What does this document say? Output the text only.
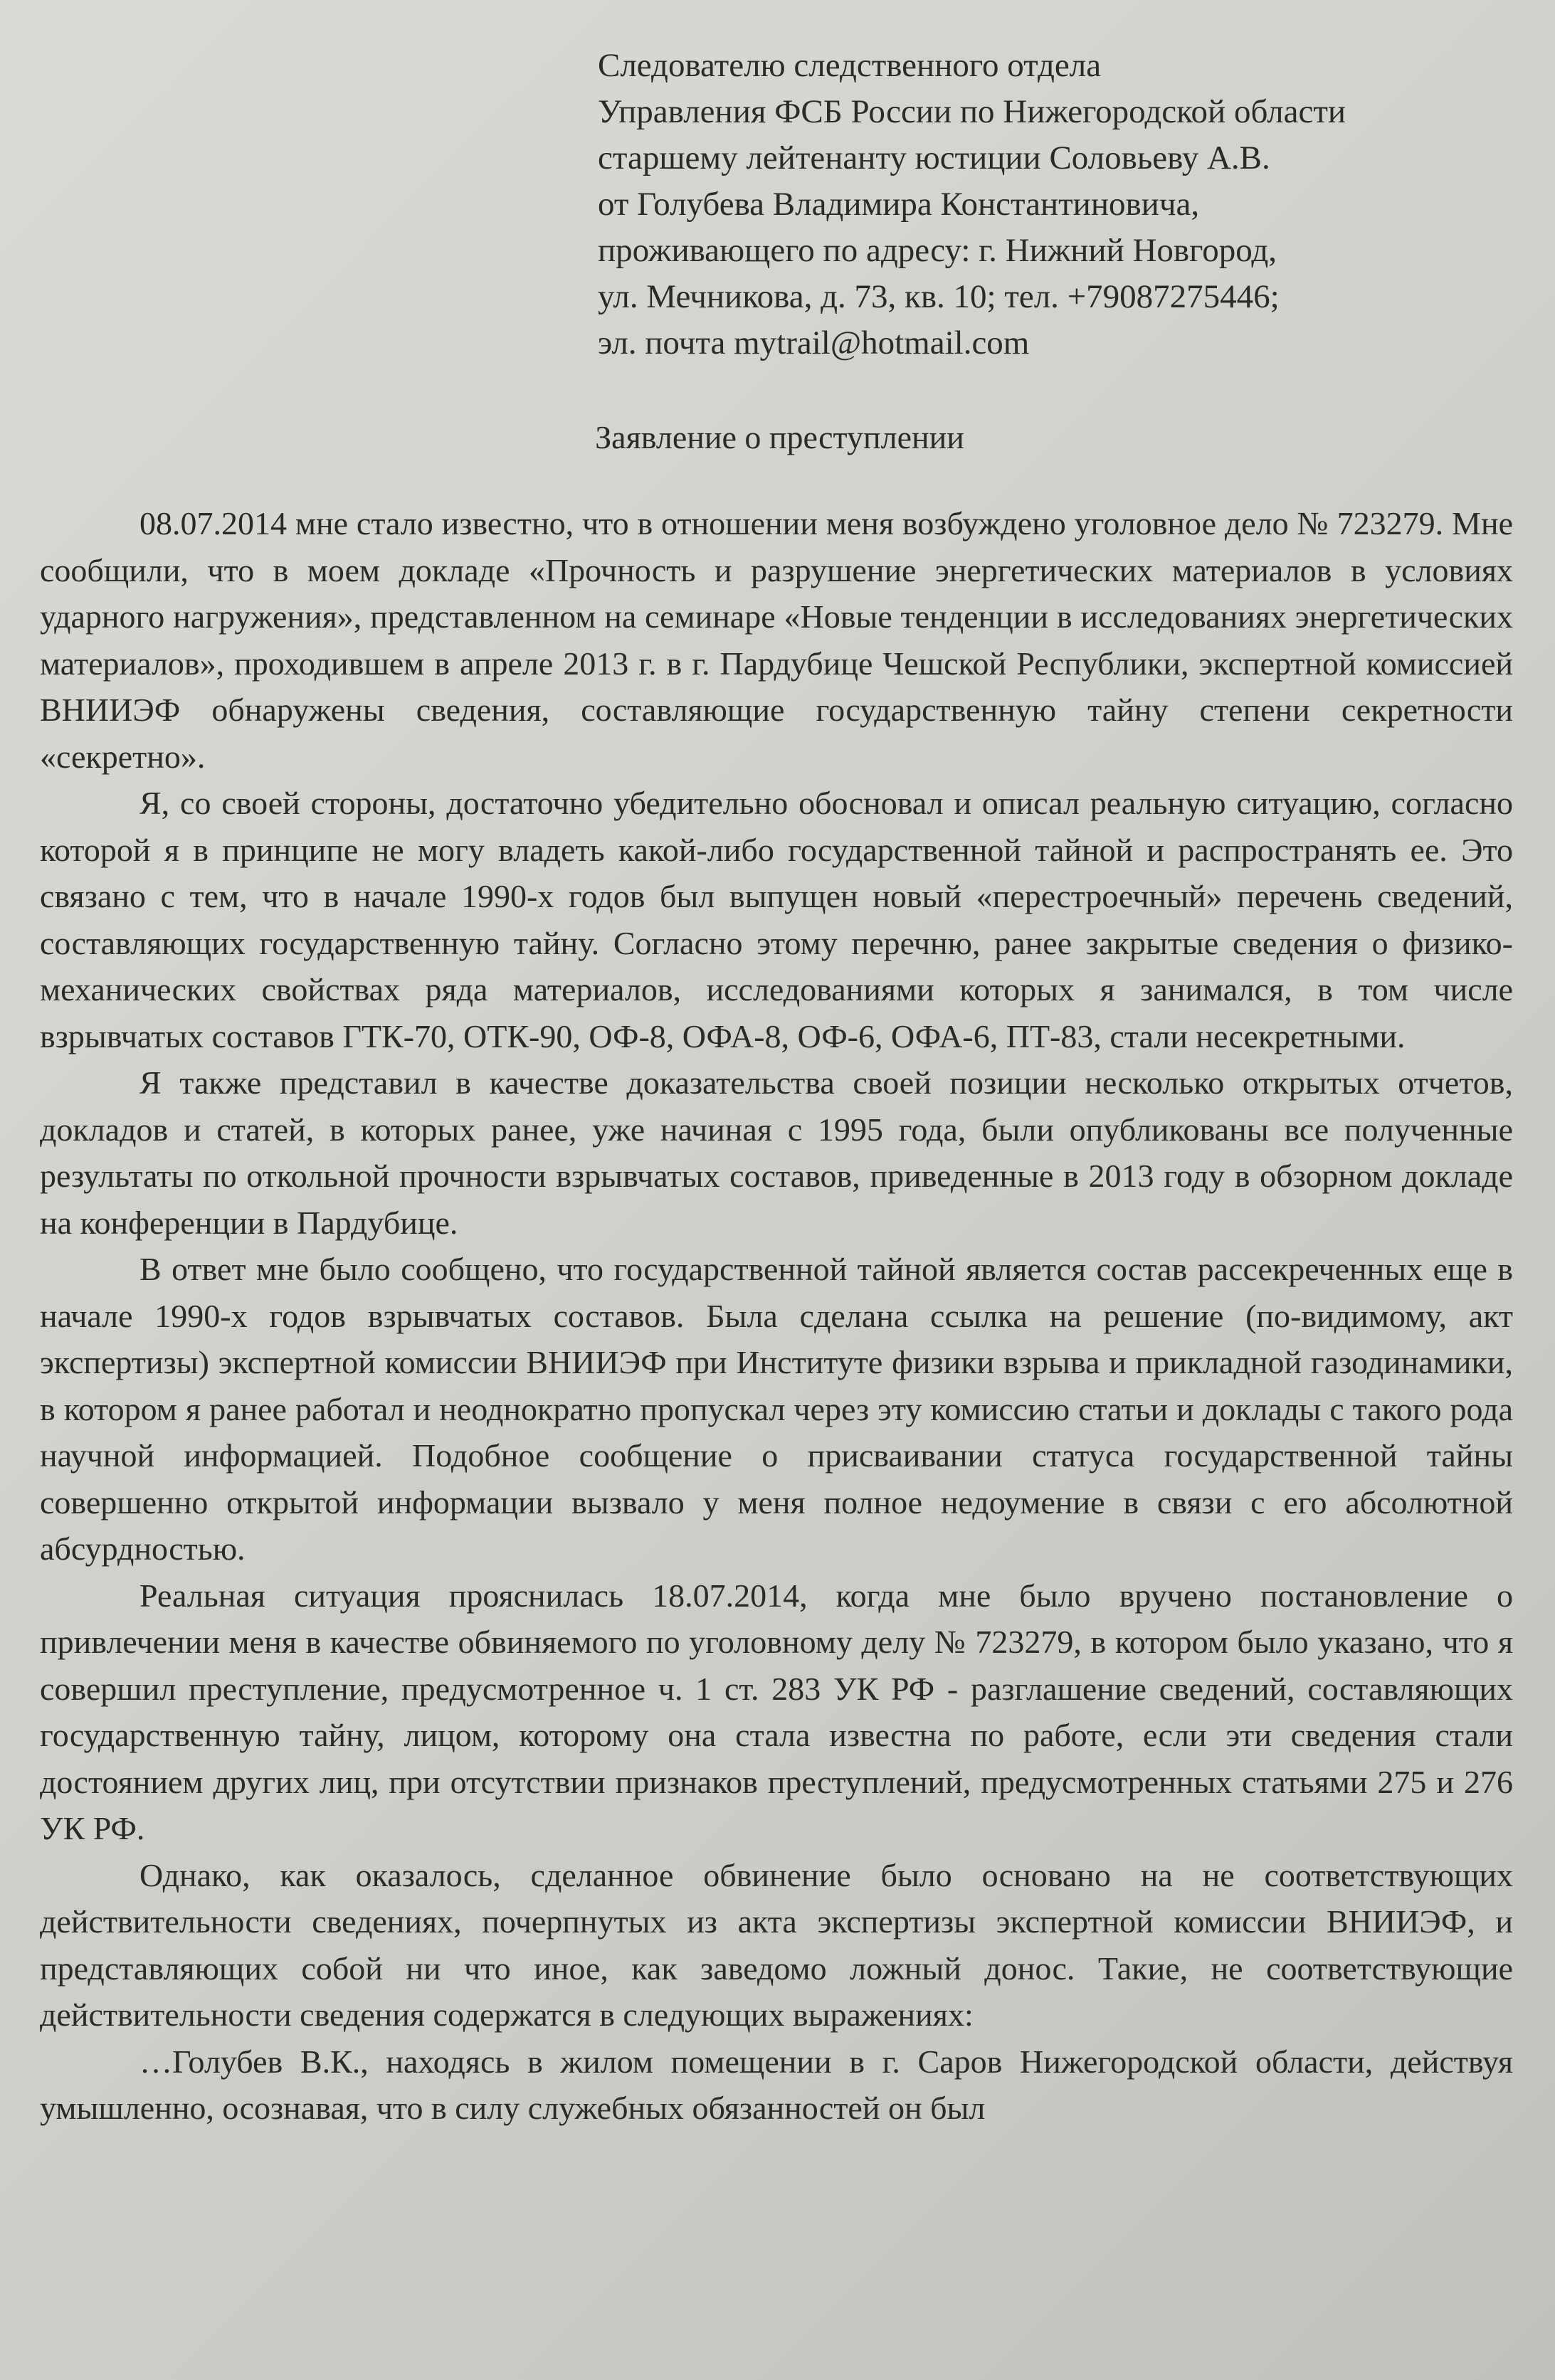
Следователю следственного отдела
Управления ФСБ России по Нижегородской области
старшему лейтенанту юстиции Соловьеву А.В.
от Голубева Владимира Константиновича,
проживающего по адресу: г. Нижний Новгород,
ул. Мечникова, д. 73, кв. 10; тел. +79087275446;
эл. почта mytrail@hotmail.com
Заявление о преступлении

08.07.2014 мне стало известно, что в отношении меня возбуждено уголовное дело № 723279. Мне сообщили, что в моем докладе «Прочность и разрушение энергетических материалов в условиях ударного нагружения», представленном на семинаре «Новые тенденции в исследованиях энергетических материалов», проходившем в апреле 2013 г. в г. Пардубице Чешской Республики, экспертной комиссией ВНИИЭФ обнаружены сведения, составляющие государственную тайну степени секретности «секретно».

Я, со своей стороны, достаточно убедительно обосновал и описал реальную ситуацию, согласно которой я в принципе не могу владеть какой-либо государственной тайной и распространять ее. Это связано с тем, что в начале 1990-х годов был выпущен новый «перестроечный» перечень сведений, составляющих государственную тайну. Согласно этому перечню, ранее закрытые сведения о физико-механических свойствах ряда материалов, исследованиями которых я занимался, в том числе взрывчатых составов ГТК-70, ОТК-90, ОФ-8, ОФА-8, ОФ-6, ОФА-6, ПТ-83, стали несекретными.

Я также представил в качестве доказательства своей позиции несколько открытых отчетов, докладов и статей, в которых ранее, уже начиная с 1995 года, были опубликованы все полученные результаты по откольной прочности взрывчатых составов, приведенные в 2013 году в обзорном докладе на конференции в Пардубице.

В ответ мне было сообщено, что государственной тайной является состав рассекреченных еще в начале 1990-х годов взрывчатых составов. Была сделана ссылка на решение (по-видимому, акт экспертизы) экспертной комиссии ВНИИЭФ при Институте физики взрыва и прикладной газодинамики, в котором я ранее работал и неоднократно пропускал через эту комиссию статьи и доклады с такого рода научной информацией. Подобное сообщение о присваивании статуса государственной тайны совершенно открытой информации вызвало у меня полное недоумение в связи с его абсолютной абсурдностью.

Реальная ситуация прояснилась 18.07.2014, когда мне было вручено постановление о привлечении меня в качестве обвиняемого по уголовному делу № 723279, в котором было указано, что я совершил преступление, предусмотренное ч. 1 ст. 283 УК РФ - разглашение сведений, составляющих государственную тайну, лицом, которому она стала известна по работе, если эти сведения стали достоянием других лиц, при отсутствии признаков преступлений, предусмотренных статьями 275 и 276 УК РФ.

Однако, как оказалось, сделанное обвинение было основано на не соответствующих действительности сведениях, почерпнутых из акта экспертизы экспертной комиссии ВНИИЭФ, и представляющих собой ни что иное, как заведомо ложный донос. Такие, не соответствующие действительности сведения содержатся в следующих выражениях:

…Голубев В.К., находясь в жилом помещении в г. Саров Нижегородской области, действуя умышленно, осознавая, что в силу служебных обязанностей он был
